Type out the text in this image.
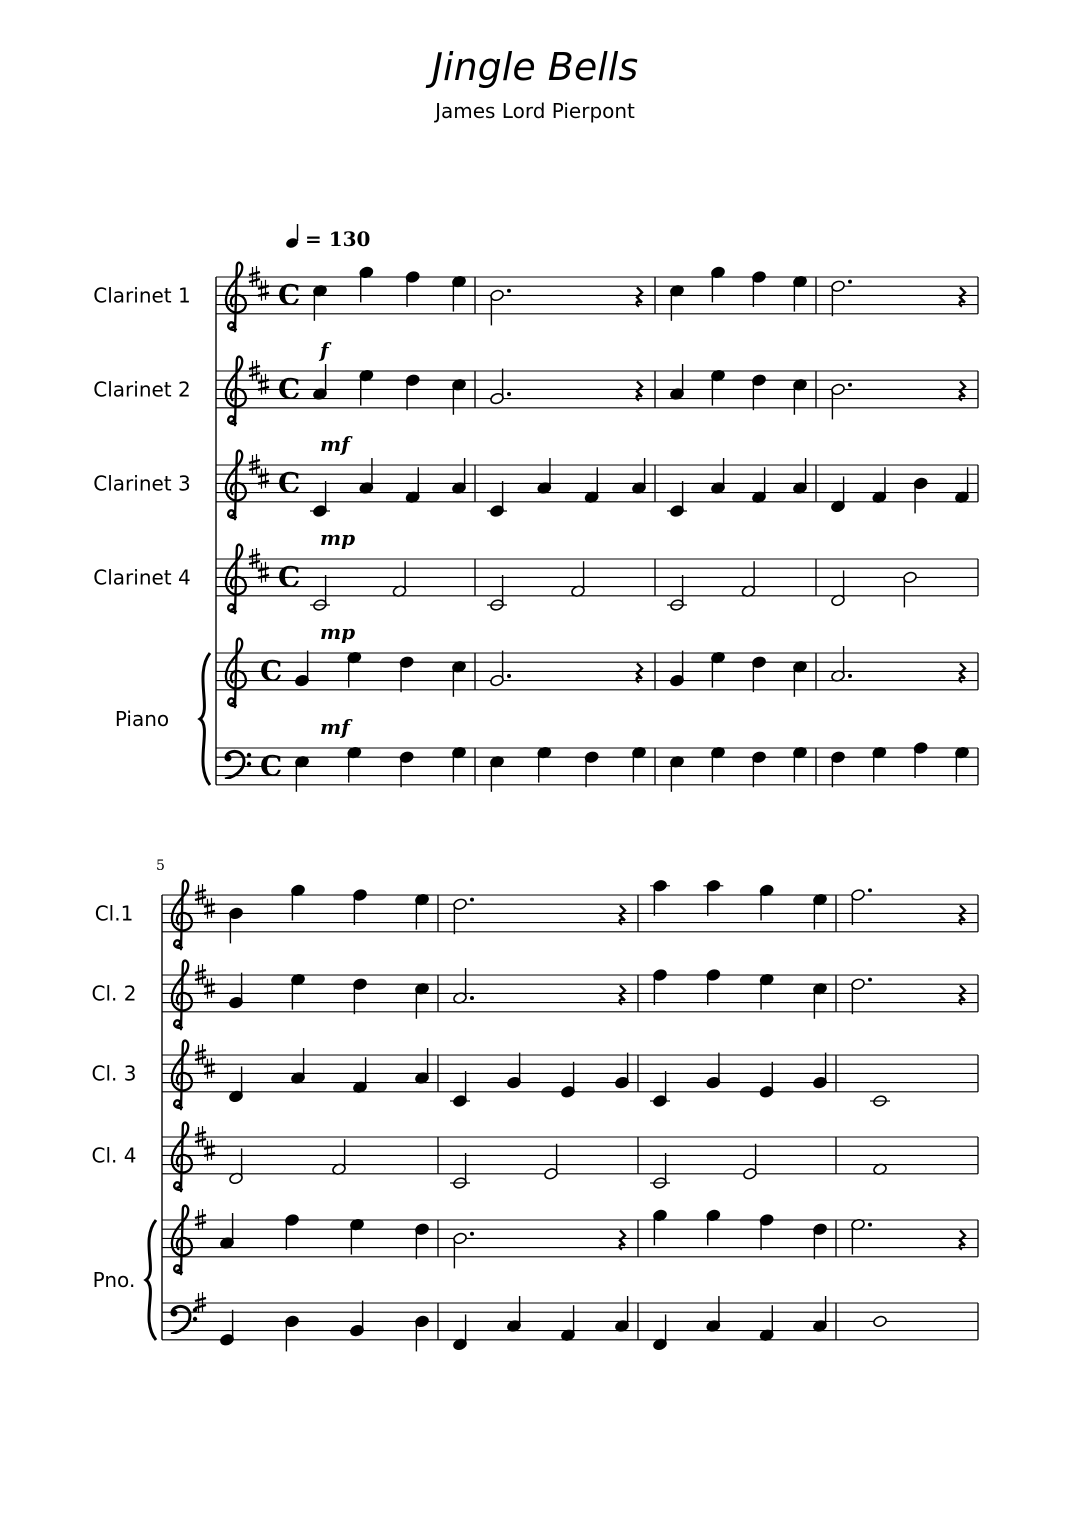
Jingle Bells
James Lord Pierpont
= 130
Clarinet 1	C
Clarinet 2	C
f
Clarinet 3	C
mf
Clarinet 4	C
mp
Piano
C
mp
C
mf
5
Cl.1
Cl. 2
Cl. 3
Cl. 4
Pno.
